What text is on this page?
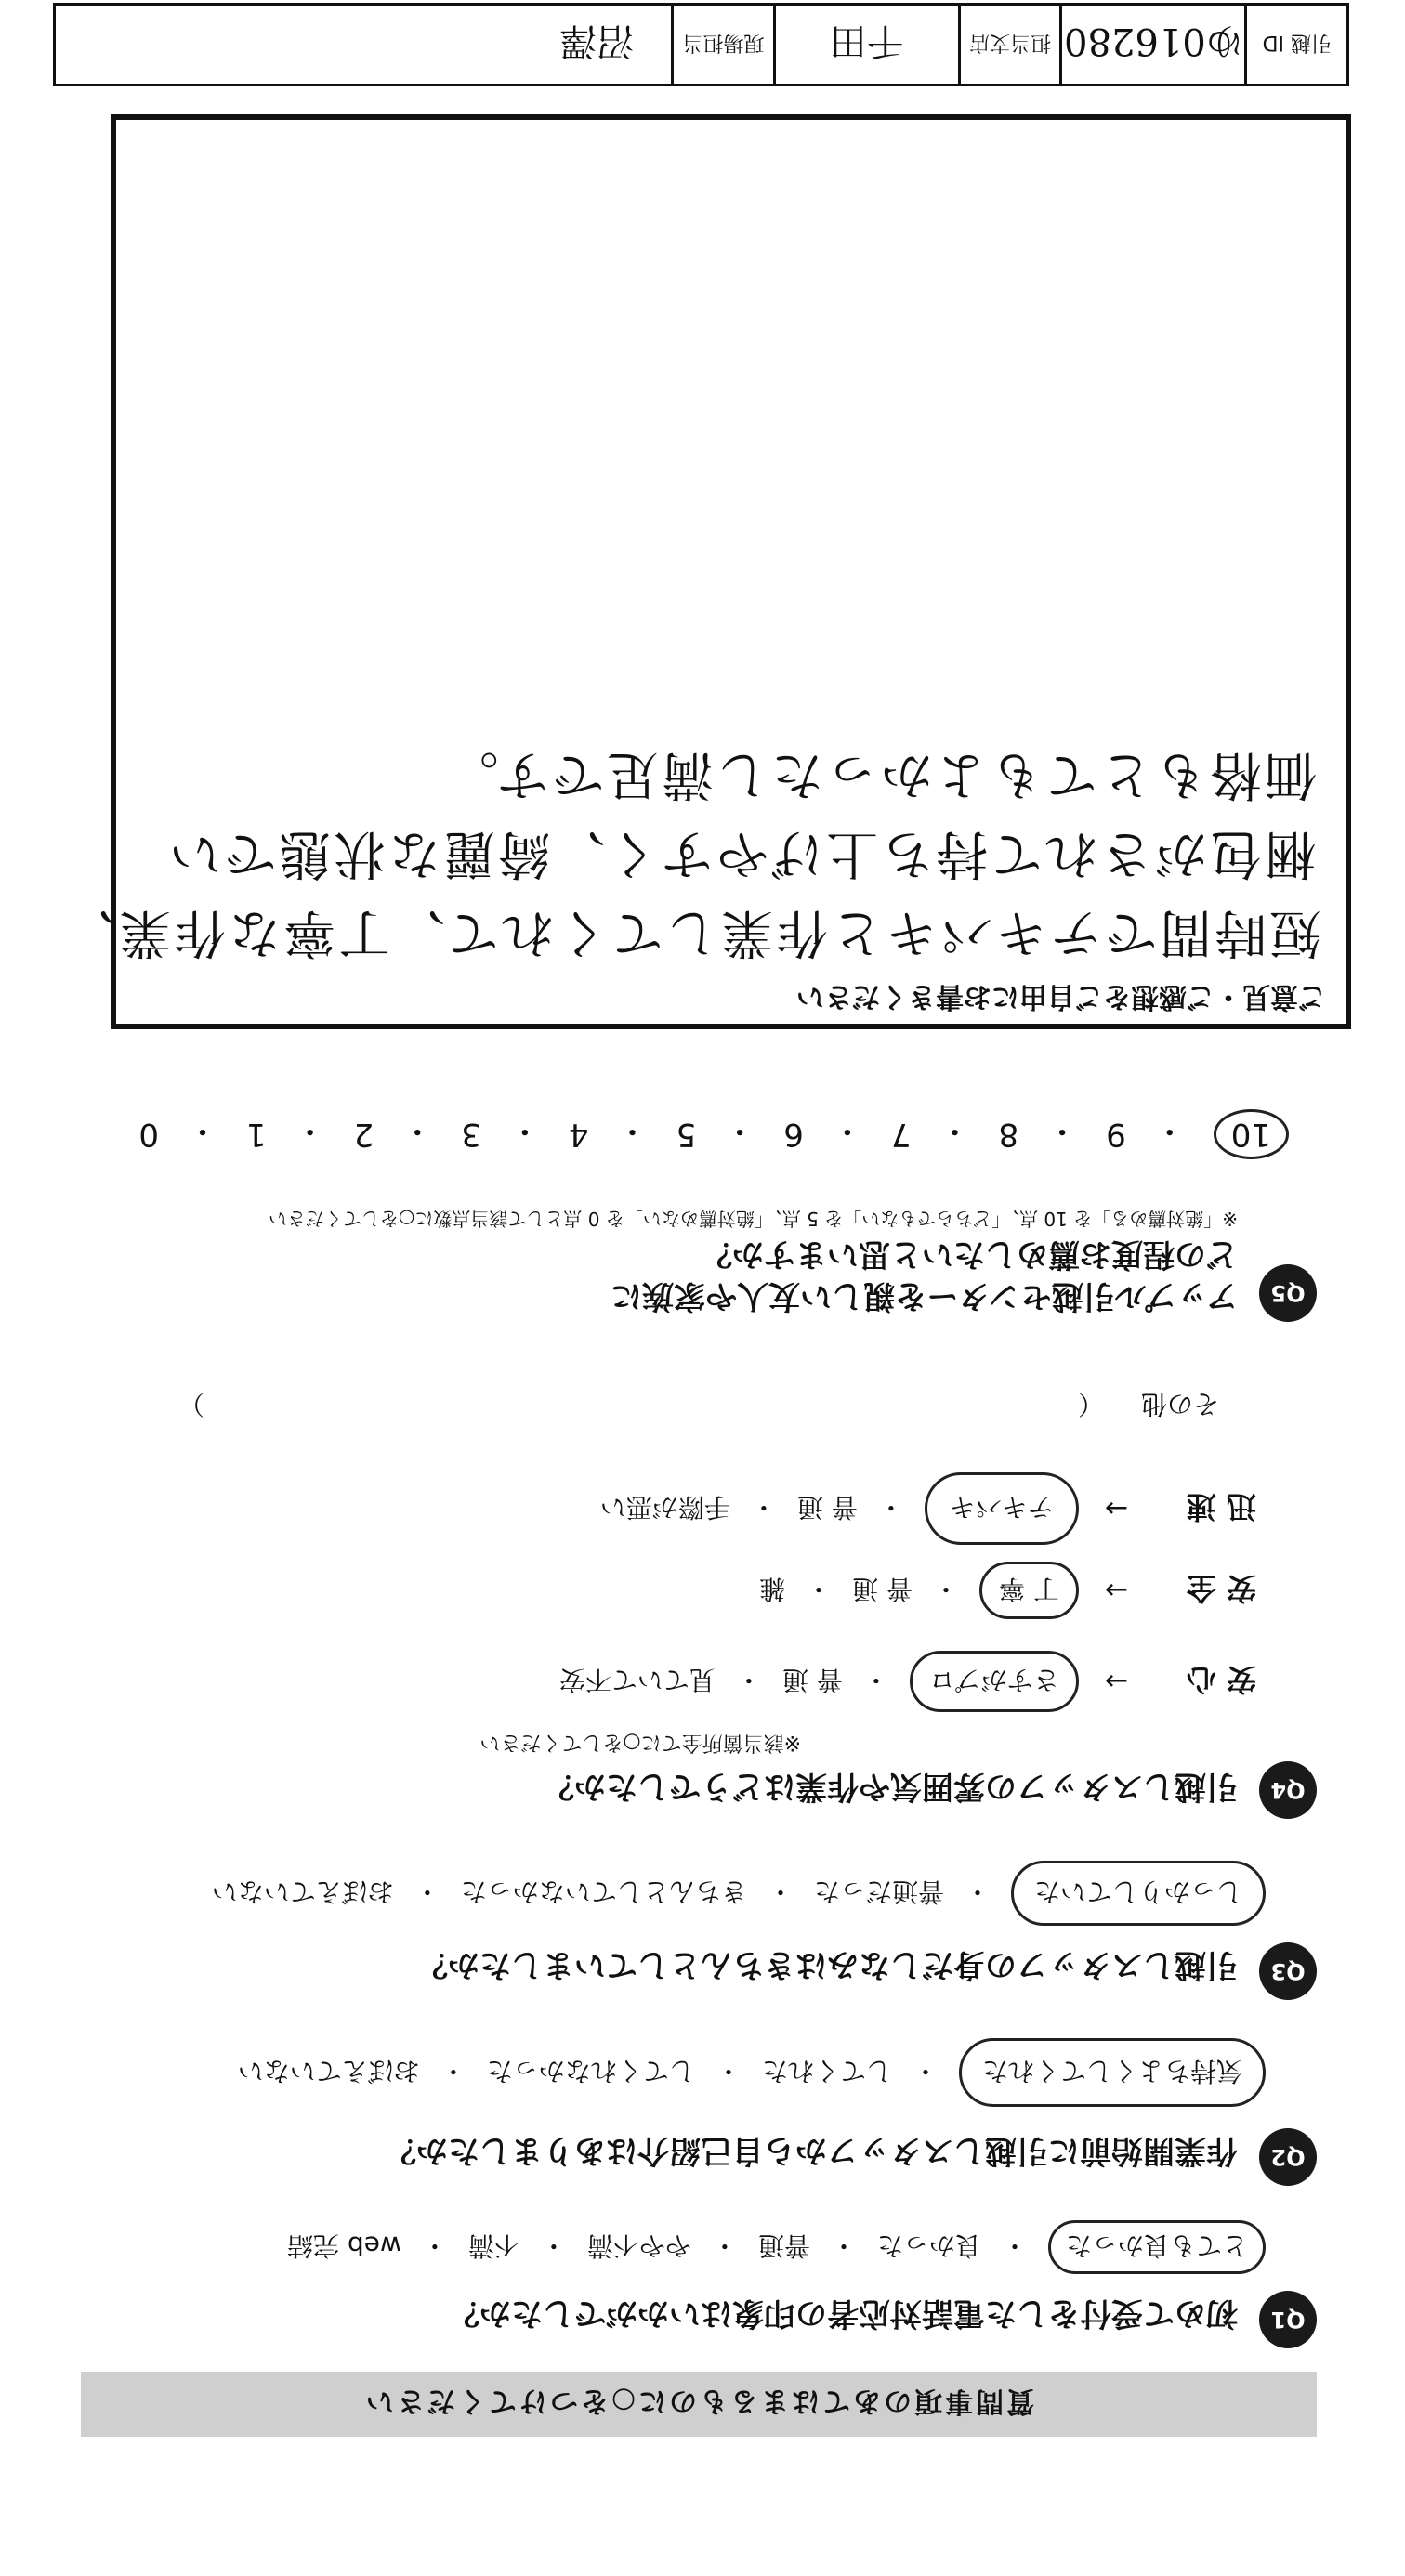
質問事項のあてはまるものに○をつけてください
Q1
初めて受付をした電話対応者の印象はいかがでしたか？
とても良かった
・
良かった
・
普通
・
やや不満
・
不満
・
web 完結
Q2
作業開始前に引越しスタッフから自己紹介はありましたか？
気持ちよくしてくれた
・
してくれた
・
してくれなかった
・
おぼえていない
Q3
引越しスタッフの身だしなみはきちんとしていましたか？
しっかりしていた
・
普通だった
・
きちんとしていなかった
・
おぼえていない
Q4
引越しスタッフの雰囲気や作業はどうでしたか？
※該当箇所全てに○をしてください
安 心
→
さすがプロ
・
普 通
・
見ていて不安
安 全
→
丁 寧
・
普 通
・
雑
迅 速
→
テキパキ
・
普 通
・
手際が悪い
その他
（
）
Q5
アップル引越センターを親しい友人や家族に
どの程度お薦めしたいと思いますか？
※「絶対薦める」を 10 点、「どちらでもない」を 5 点、「絶対薦めない」を 0 点として該当点数に○をしてください
10
・
9
・
8
・
7
・
6
・
5
・
4
・
3
・
2
・
1
・
0
ご意見・ご感想をご自由にお書きください
短時間でテキパキと作業してくれて、丁寧な作業、
梱包がされて持ち上げやすく、綺麗な状態でい
価格もとてもよかったし満足です。
引越 ID
ゆ016280
担当支店
千田
現場担当
沼澤
